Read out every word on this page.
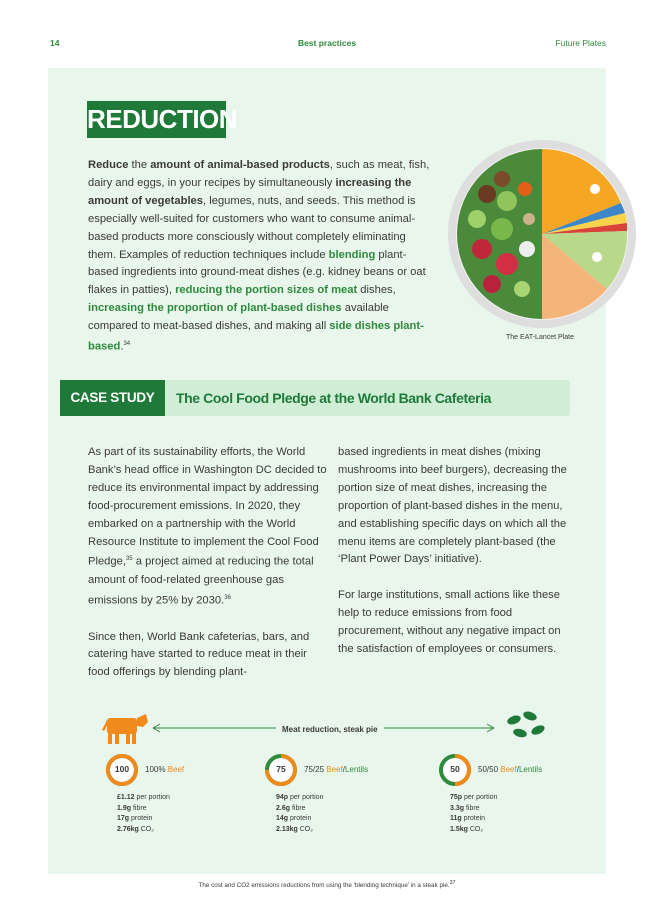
14	Best practices	Future Plates
REDUCTION
Reduce the amount of animal-based products, such as meat, fish, dairy and eggs, in your recipes by simultaneously increasing the amount of vegetables, legumes, nuts, and seeds. This method is especially well-suited for customers who want to consume animal-based products more consciously without completely eliminating them. Examples of reduction techniques include blending plant-based ingredients into ground-meat dishes (e.g. kidney beans or oat flakes in patties), reducing the portion sizes of meat dishes, increasing the proportion of plant-based dishes available compared to meat-based dishes, and making all side dishes plant-based.$^{34}$
The EAT-Lancet Plate
CASE STUDY	The Cool Food Pledge at the World Bank Cafeteria

As part of its sustainability efforts, the World Bank’s head office in Washington DC decided to reduce its environmental impact by addressing food-procurement emissions. In 2020, they embarked on a partnership with the World Resource Institute to implement the Cool Food Pledge,$^{35}$ a project aimed at reducing the total amount of food-related greenhouse gas emissions by 25% by 2030.36

Since then, World Bank cafeterias, bars, and catering have started to reduce meat in their food offerings by blending plant-

based ingredients in meat dishes (mixing mushrooms into beef burgers), decreasing the portion size of meat dishes, increasing the proportion of plant-based dishes in the menu, and establishing specific days on which all the menu items are completely plant-based (the ‘Plant Power Days’ initiative).

For large institutions, small actions like these help to reduce emissions from food procurement, without any negative impact on the satisfaction of employees or consumers.

Meat reduction, steak pie
100	100% Beef
£1.12 per portion
1.9g fibre
17g protein
2.76kg CO₂
75	75/25 Beef/Lentils
94p per portion
2.6g fibre
14g protein
2.13kg CO₂
50	50/50 Beef/Lentils
75p per portion
3.3g fibre
11g protein
1.5kg CO₂
The cost and CO2 emissions reductions from using the ‘blending technique’ in a steak pie.$^{37}$
